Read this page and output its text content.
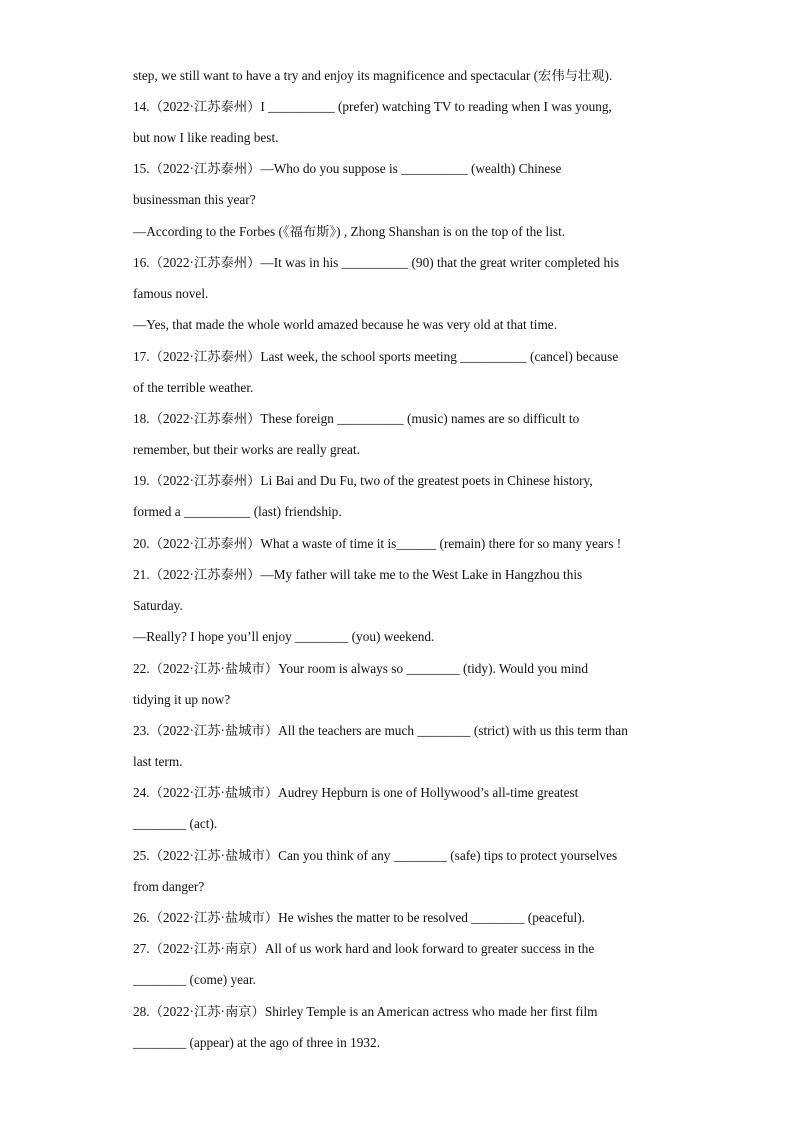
step, we still want to have a try and enjoy its magnificence and spectacular (宏伟与壮观).
14.（2022·江苏泰州）I __________ (prefer) watching TV to reading when I was young,
but now I like reading best.
15.（2022·江苏泰州）—Who do you suppose is __________ (wealth) Chinese
businessman this year?
—According to the Forbes (《福布斯》) , Zhong Shanshan is on the top of the list.
16.（2022·江苏泰州）—It was in his __________ (90) that the great writer completed his
famous novel.
—Yes, that made the whole world amazed because he was very old at that time.
17.（2022·江苏泰州）Last week, the school sports meeting __________ (cancel) because
of the terrible weather.
18.（2022·江苏泰州）These foreign __________ (music) names are so difficult to
remember, but their works are really great.
19.（2022·江苏泰州）Li Bai and Du Fu, two of the greatest poets in Chinese history,
formed a __________ (last) friendship.
20.（2022·江苏泰州）What a waste of time it is______ (remain) there for so many years !
21.（2022·江苏泰州）—My father will take me to the West Lake in Hangzhou this
Saturday.
—Really? I hope you’ll enjoy ________ (you) weekend.
22.（2022·江苏·盐城市）Your room is always so ________ (tidy). Would you mind
tidying it up now?
23.（2022·江苏·盐城市）All the teachers are much ________ (strict) with us this term than
last term.
24.（2022·江苏·盐城市）Audrey Hepburn is one of Hollywood’s all-time greatest
________ (act).
25.（2022·江苏·盐城市）Can you think of any ________ (safe) tips to protect yourselves
from danger?
26.（2022·江苏·盐城市）He wishes the matter to be resolved ________ (peaceful).
27.（2022·江苏·南京）All of us work hard and look forward to greater success in the
________ (come) year.
28.（2022·江苏·南京）Shirley Temple is an American actress who made her first film
________ (appear) at the ago of three in 1932.
